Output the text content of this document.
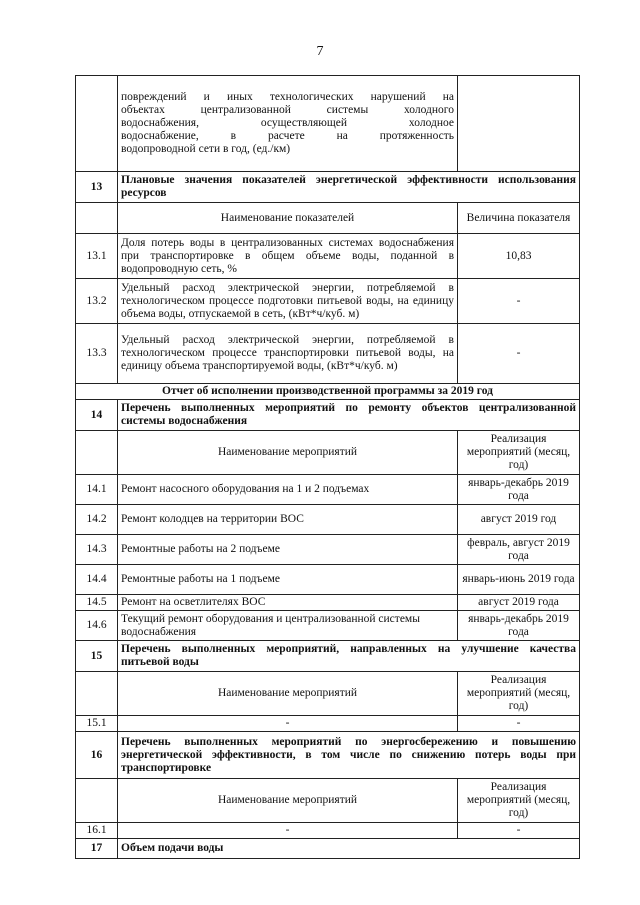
7

	повреждений и иных технологических нарушений на
объектах централизованной системы холодного
водоснабжения, осуществляющей холодное
водоснабжение, в расчете на протяженность
водопроводной сети в год, (ед./км)	

13	Плановые значения показателей энергетической эффективности использования ресурсов	
	Наименование показателей	Величина показателя
13.1	Доля потерь воды в централизованных системах водоснабжения при транспортировке в общем объеме воды, поданной в водопроводную сеть, %	10,83
13.2	Удельный расход электрической энергии, потребляемой в технологическом процессе подготовки питьевой воды, на единицу объема воды, отпускаемой в сеть, (кВт*ч/куб. м)	-
13.3	Удельный расход электрической энергии, потребляемой в технологическом процессе транспортировки питьевой воды, на единицу объема транспортируемой воды, (кВт*ч/куб. м)	-
Отчет об исполнении производственной программы за 2019 год		
14	Перечень выполненных мероприятий по ремонту объектов централизованной системы водоснабжения	
	Наименование мероприятий	Реализация мероприятий (месяц, год)
14.1	Ремонт насосного оборудования на 1 и 2 подъемах	январь-декабрь 2019 года
14.2	Ремонт колодцев на территории ВОС	август 2019 год
14.3	Ремонтные работы на 2 подъеме	февраль, август 2019 года
14.4	Ремонтные работы на 1 подъеме	январь-июнь 2019 года
14.5	Ремонт на осветлителях ВОС	август 2019 года
14.6	Текущий ремонт оборудования и централизованной системы водоснабжения	январь-декабрь 2019 года
15	Перечень выполненных мероприятий, направленных на улучшение качества питьевой воды	
	Наименование мероприятий	Реализация мероприятий (месяц, год)
15.1	-	-
16	Перечень выполненных мероприятий по энергосбережению и повышению энергетической эффективности, в том числе по снижению потерь воды при транспортировке	
	Наименование мероприятий	Реализация мероприятий (месяц, год)
16.1	-	-
17	Объем подачи воды	
